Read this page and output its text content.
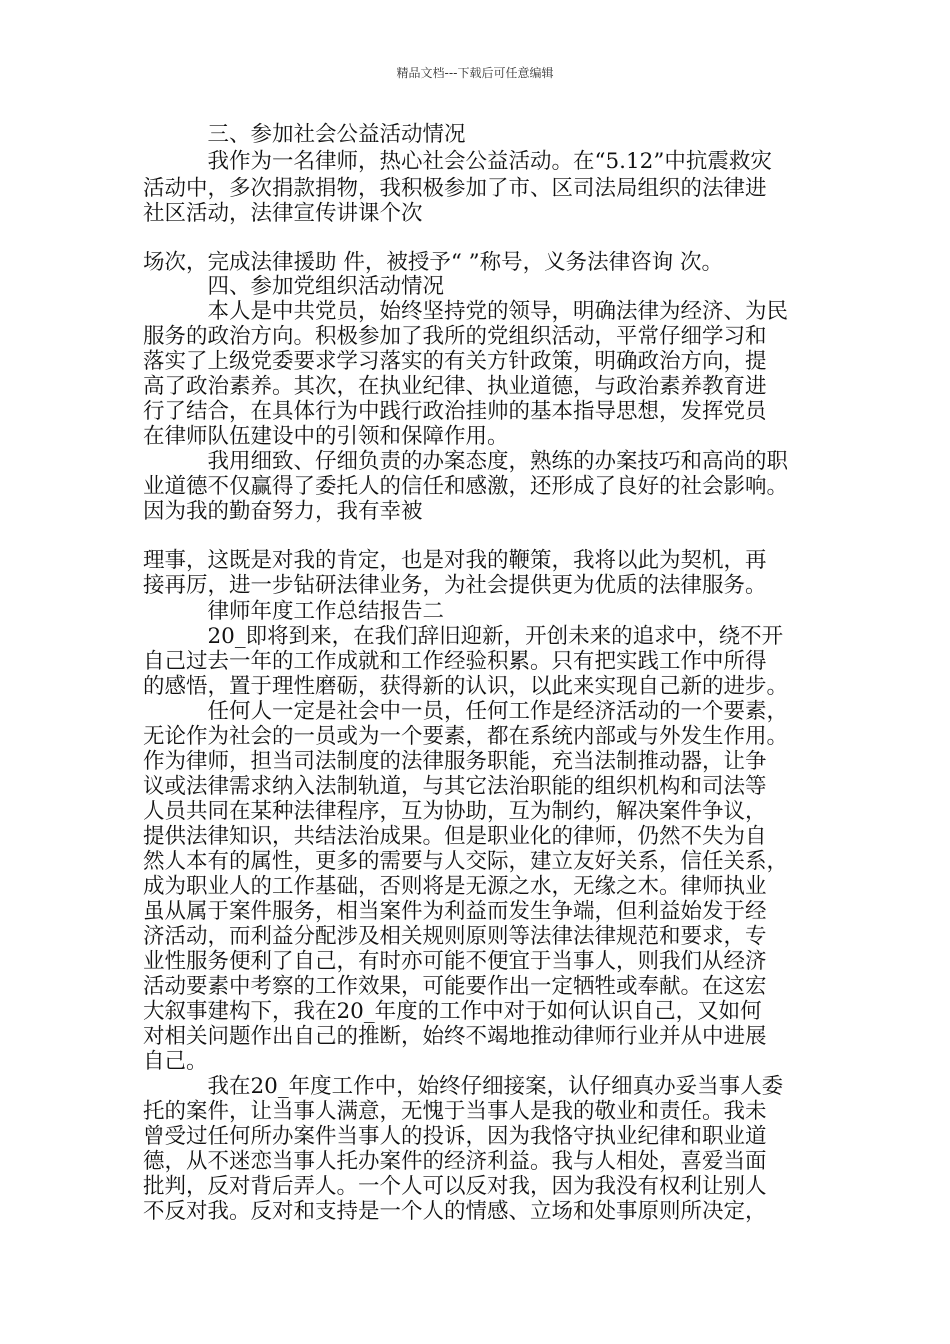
精品文档---下载后可任意编辑
　　　三、参加社会公益活动情况
　　　我作为一名律师，热心社会公益活动。在“5.12”中抗震救灾
活动中，多次捐款捐物，我积极参加了市、区司法局组织的法律进
社区活动，法律宣传讲课个次
场次，完成法律援助 件，被授予“ ”称号，义务法律咨询 次。
　　　四、参加党组织活动情况
　　　本人是中共党员，始终坚持党的领导，明确法律为经济、为民
服务的政治方向。积极参加了我所的党组织活动，平常仔细学习和
落实了上级党委要求学习落实的有关方针政策，明确政治方向，提
高了政治素养。其次，在执业纪律、执业道德，与政治素养教育进
行了结合，在具体行为中践行政治挂帅的基本指导思想，发挥党员
在律师队伍建设中的引领和保障作用。
　　　我用细致、仔细负责的办案态度，熟练的办案技巧和高尚的职
业道德不仅赢得了委托人的信任和感激，还形成了良好的社会影响。
因为我的勤奋努力，我有幸被
理事，这既是对我的肯定，也是对我的鞭策，我将以此为契机，再
接再厉，进一步钻研法律业务，为社会提供更为优质的法律服务。
　　　律师年度工作总结报告二
　　　20_即将到来，在我们辞旧迎新，开创未来的追求中，绕不开
自己过去一年的工作成就和工作经验积累。只有把实践工作中所得
的感悟，置于理性磨砺，获得新的认识，以此来实现自己新的进步。
　　　任何人一定是社会中一员，任何工作是经济活动的一个要素，
无论作为社会的一员或为一个要素，都在系统内部或与外发生作用。
作为律师，担当司法制度的法律服务职能，充当法制推动器，让争
议或法律需求纳入法制轨道，与其它法治职能的组织机构和司法等
人员共同在某种法律程序，互为协助，互为制约，解决案件争议，
提供法律知识，共结法治成果。但是职业化的律师，仍然不失为自
然人本有的属性，更多的需要与人交际，建立友好关系，信任关系，
成为职业人的工作基础，否则将是无源之水，无缘之木。律师执业
虽从属于案件服务，相当案件为利益而发生争端，但利益始发于经
济活动，而利益分配涉及相关规则原则等法律法律规范和要求，专
业性服务便利了自己，有时亦可能不便宜于当事人，则我们从经济
活动要素中考察的工作效果，可能要作出一定牺牲或奉献。在这宏
大叙事建构下，我在20_年度的工作中对于如何认识自己，又如何
对相关问题作出自己的推断，始终不竭地推动律师行业并从中进展
自己。
　　　我在20_年度工作中，始终仔细接案，认仔细真办妥当事人委
托的案件，让当事人满意，无愧于当事人是我的敬业和责任。我未
曾受过任何所办案件当事人的投诉，因为我恪守执业纪律和职业道
德，从不迷恋当事人托办案件的经济利益。我与人相处，喜爱当面
批判，反对背后弄人。一个人可以反对我，因为我没有权利让别人
不反对我。反对和支持是一个人的情感、立场和处事原则所决定，
